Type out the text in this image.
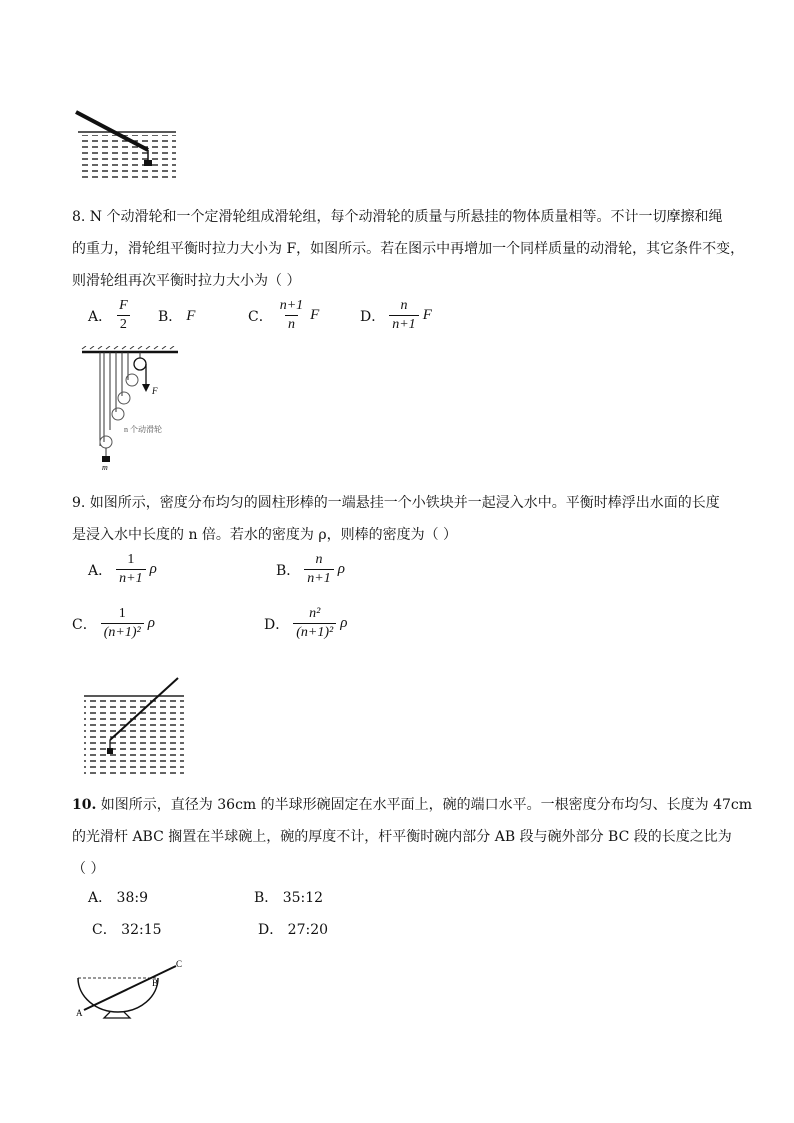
8. N 个动滑轮和一个定滑轮组成滑轮组，每个动滑轮的质量与所悬挂的物体质量相等。不计一切摩擦和绳
的重力，滑轮组平衡时拉力大小为 F，如图所示。若在图示中再增加一个同样质量的动滑轮，其它条件不变，
则滑轮组再次平衡时拉力大小为（ ）
A． $\frac{F}{2}$ B． F	C． $\frac{n+1}{n}$ F	D． $\frac{n}{n+1}$ F
F
n 个动滑轮
m
9. 如图所示，密度分布均匀的圆柱形棒的一端悬挂一个小铁块并一起浸入水中。平衡时棒浮出水面的长度
是浸入水中长度的 n 倍。若水的密度为 ρ，则棒的密度为（ ）
A． $\frac{1}{n+1}$ ρ	B． $\frac{n}{n+1}$ ρ
C． $\frac{1}{\text{(n+1)²}}$ ρ	D． $\frac{\text{n²}}{\text{(n+1)²}}$ ρ
10. 如图所示，直径为 36cm 的半球形碗固定在水平面上，碗的端口水平。一根密度分布均匀、长度为 47cm
的光滑杆 ABC 搁置在半球碗上，碗的厚度不计，杆平衡时碗内部分 AB 段与碗外部分 BC 段的长度之比为
（ ）
A． 38:9	B． 35:12
C． 32:15	D． 27:20
A
B
C
